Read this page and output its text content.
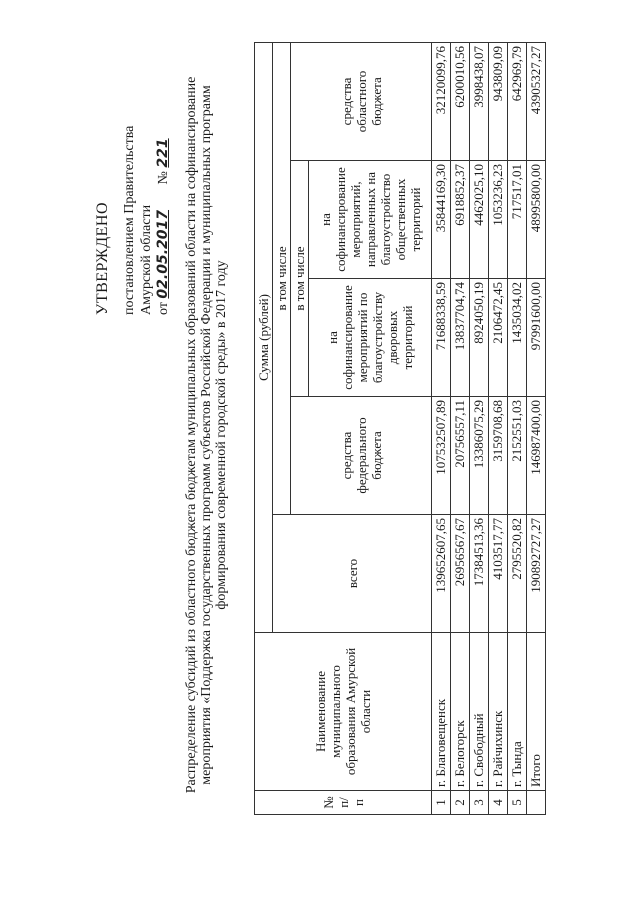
УТВЕРЖДЕНО постановлением Правительства Амурской области от 02.05.2017 № 221 Распределение субсидий из областного бюджета бюджетам муниципальных образований области на софинансирование мероприятия «Поддержка государственных программ субъектов Российской Федерации и муниципальных программ формирования современной городской среды» в 2017 году
№ п/п	Наименование муниципального образования Амурской области	Сумма (рублей)				
		всего	в том числе			
			средства федерального бюджета	в том числе		средства областного бюджета
				на софинансирование мероприятий по благоустройству дворовых территорий	на софинансирование мероприятий, направленных на благоустройство общественных территорий	
1	г. Благовещенск	139652607,65	107532507,89	71688338,59	35844169,30	32120099,76
2	г. Белогорск	26956567,67	20756557,11	13837704,74	6918852,37	6200010,56
3	г. Свободный	17384513,36	13386075,29	8924050,19	4462025,10	3998438,07
4	г. Райчихинск	4103517,77	3159708,68	2106472,45	1053236,23	943809,09
5	г. Тында	2795520,82	2152551,03	1435034,02	717517,01	642969,79
	Итого	190892727,27	146987400,00	97991600,00	48995800,00	43905327,27
